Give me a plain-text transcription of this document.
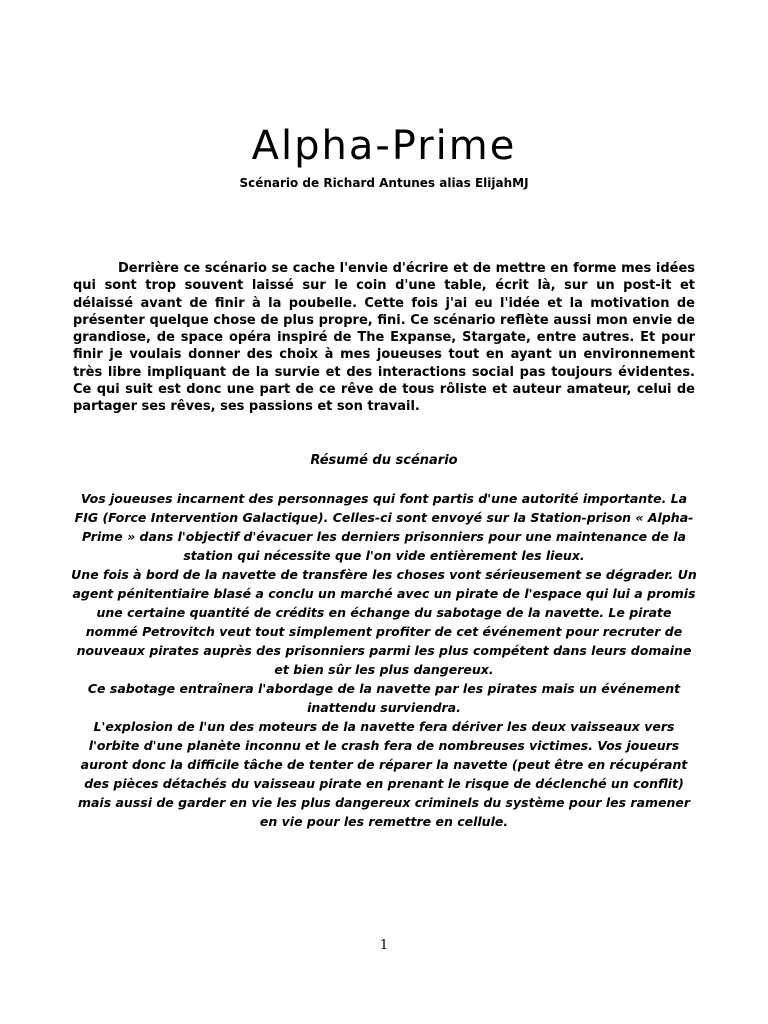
Alpha-Prime
Scénario de Richard Antunes alias ElijahMJ

Derrière ce scénario se cache l'envie d'écrire et de mettre en forme mes idées qui sont trop souvent laissé sur le coin d'une table, écrit là, sur un post-it et délaissé avant de finir à la poubelle. Cette fois j'ai eu l'idée et la motivation de présenter quelque chose de plus propre, fini. Ce scénario reflète aussi mon envie de grandiose, de space opéra inspiré de The Expanse, Stargate, entre autres. Et pour finir je voulais donner des choix à mes joueuses tout en ayant un environnement très libre impliquant de la survie et des interactions social pas toujours évidentes. Ce qui suit est donc une part de ce rêve de tous rôliste et auteur amateur, celui de partager ses rêves, ses passions et son travail.

Résumé du scénario

Vos joueuses incarnent des personnages qui font partis d'une autorité importante. La FIG (Force Intervention Galactique). Celles-ci sont envoyé sur la Station-prison « Alpha-Prime » dans l'objectif d'évacuer les derniers prisonniers pour une maintenance de la station qui nécessite que l'on vide entièrement les lieux.

Une fois à bord de la navette de transfère les choses vont sérieusement se dégrader. Un agent pénitentiaire blasé a conclu un marché avec un pirate de l'espace qui lui a promis une certaine quantité de crédits en échange du sabotage de la navette. Le pirate nommé Petrovitch veut tout simplement profiter de cet événement pour recruter de nouveaux pirates auprès des prisonniers parmi les plus compétent dans leurs domaine et bien sûr les plus dangereux.

Ce sabotage entraînera l'abordage de la navette par les pirates mais un événement inattendu surviendra.

L'explosion de l'un des moteurs de la navette fera dériver les deux vaisseaux vers l'orbite d'une planète inconnu et le crash fera de nombreuses victimes. Vos joueurs auront donc la difficile tâche de tenter de réparer la navette (peut être en récupérant des pièces détachés du vaisseau pirate en prenant le risque de déclenché un conflit) mais aussi de garder en vie les plus dangereux criminels du système pour les ramener en vie pour les remettre en cellule.

1
